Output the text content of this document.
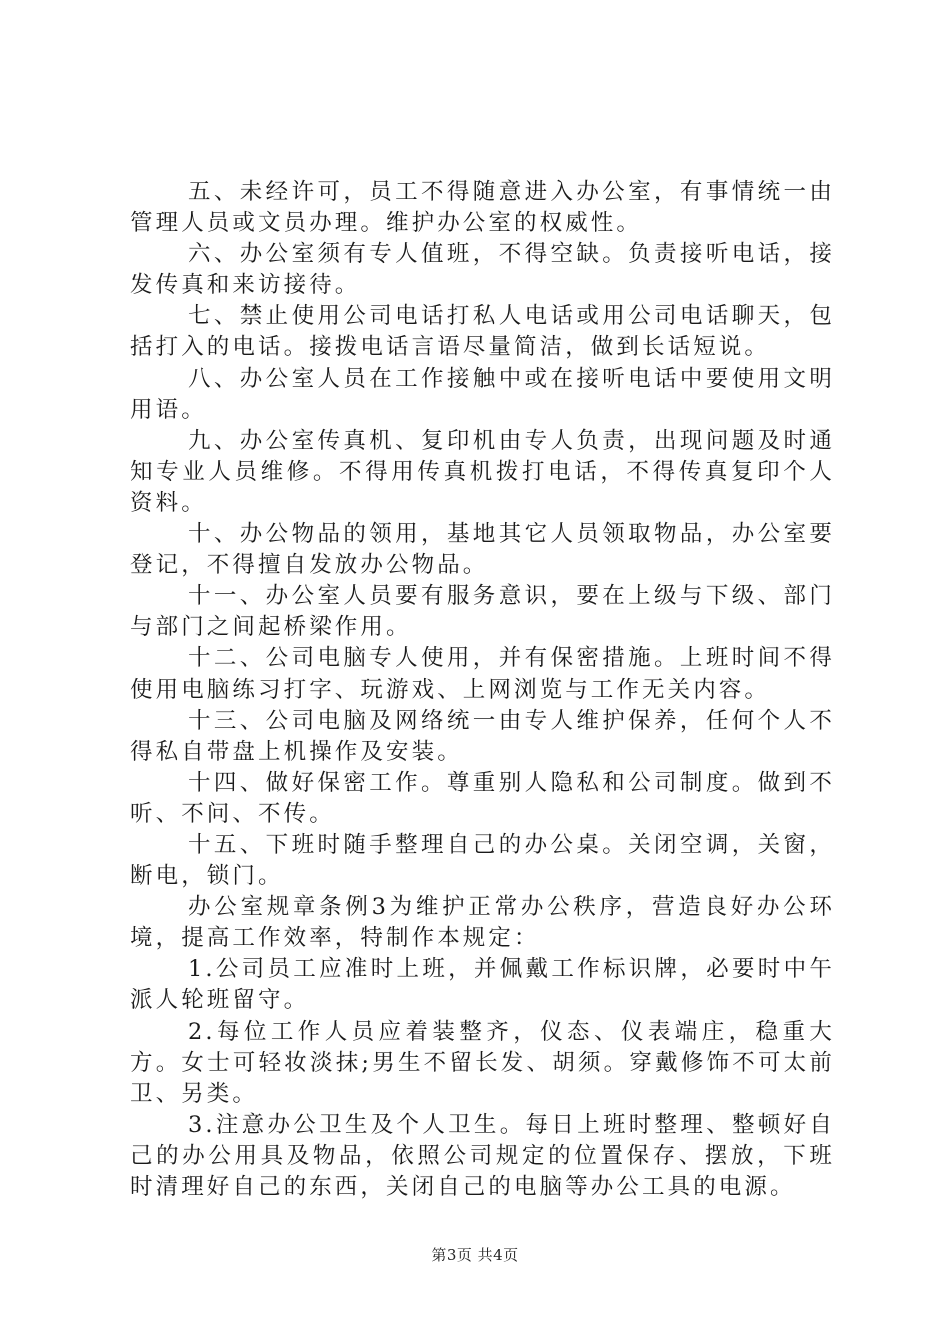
五、未经许可，员工不得随意进入办公室，有事情统一由管理人员或文员办理。维护办公室的权威性。

六、办公室须有专人值班，不得空缺。负责接听电话，接发传真和来访接待。

七、禁止使用公司电话打私人电话或用公司电话聊天，包括打入的电话。接拨电话言语尽量简洁，做到长话短说。

八、办公室人员在工作接触中或在接听电话中要使用文明用语。

九、办公室传真机、复印机由专人负责，出现问题及时通知专业人员维修。不得用传真机拨打电话，不得传真复印个人资料。

十、办公物品的领用，基地其它人员领取物品，办公室要登记，不得擅自发放办公物品。

十一、办公室人员要有服务意识，要在上级与下级、部门与部门之间起桥梁作用。

十二、公司电脑专人使用，并有保密措施。上班时间不得使用电脑练习打字、玩游戏、上网浏览与工作无关内容。

十三、公司电脑及网络统一由专人维护保养，任何个人不得私自带盘上机操作及安装。

十四、做好保密工作。尊重别人隐私和公司制度。做到不听、不问、不传。

十五、下班时随手整理自己的办公桌。关闭空调，关窗，断电，锁门。

办公室规章条例3为维护正常办公秩序，营造良好办公环境，提高工作效率，特制作本规定：

1.公司员工应准时上班，并佩戴工作标识牌，必要时中午派人轮班留守。

2.每位工作人员应着装整齐，仪态、仪表端庄，稳重大方。女士可轻妆淡抹;男生不留长发、胡须。穿戴修饰不可太前卫、另类。

3.注意办公卫生及个人卫生。每日上班时整理、整顿好自己的办公用具及物品，依照公司规定的位置保存、摆放，下班时清理好自己的东西，关闭自己的电脑等办公工具的电源。

第3页 共4页
